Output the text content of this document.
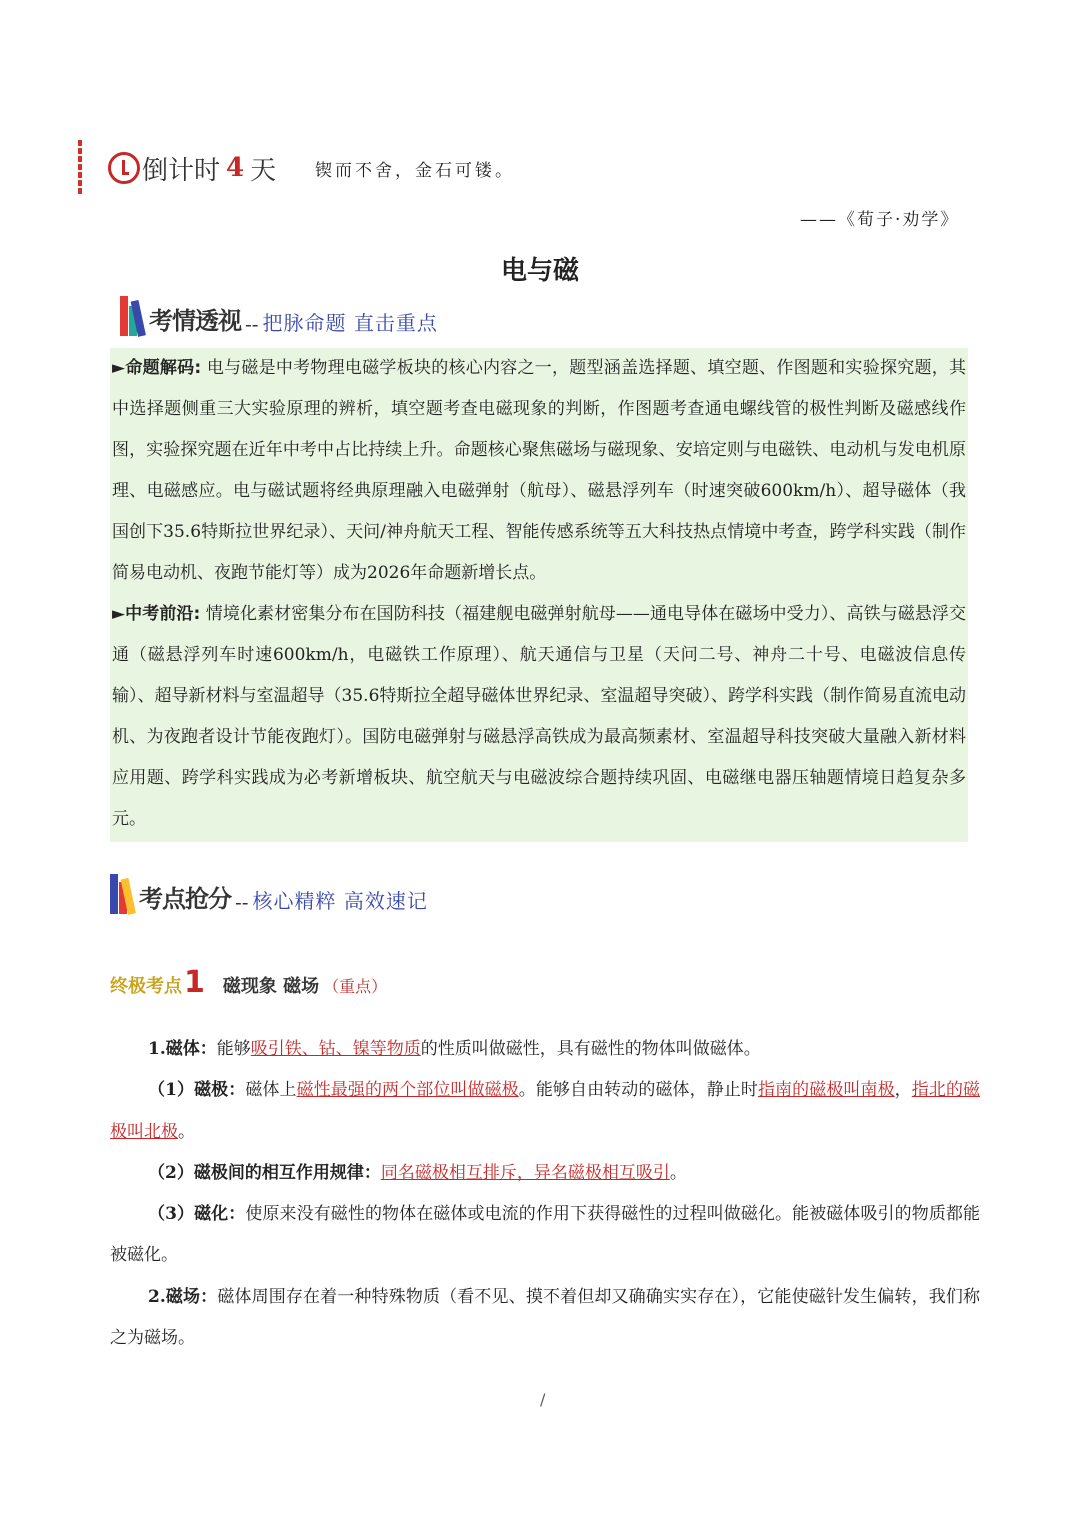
倒计时 4 天 锲而不舍，金石可镂。
——《荀子·劝学》
电与磁
考情透视 -- 把脉命题 直击重点

►命题解码: 电与磁是中考物理电磁学板块的核心内容之一，题型涵盖选择题、填空题、作图题和实验探究题，其中选择题侧重三大实验原理的辨析，填空题考查电磁现象的判断，作图题考查通电螺线管的极性判断及磁感线作图，实验探究题在近年中考中占比持续上升。命题核心聚焦磁场与磁现象、安培定则与电磁铁、电动机与发电机原理、电磁感应。电与磁试题将经典原理融入电磁弹射（航母）、磁悬浮列车（时速突破600km/h）、超导磁体（我国创下35.6特斯拉世界纪录）、天问/神舟航天工程、智能传感系统等五大科技热点情境中考查，跨学科实践（制作简易电动机、夜跑节能灯等）成为2026年命题新增长点。

►中考前沿: 情境化素材密集分布在国防科技（福建舰电磁弹射航母——通电导体在磁场中受力）、高铁与磁悬浮交通（磁悬浮列车时速600km/h，电磁铁工作原理）、航天通信与卫星（天问二号、神舟二十号、电磁波信息传输）、超导新材料与室温超导（35.6特斯拉全超导磁体世界纪录、室温超导突破）、跨学科实践（制作简易直流电动机、为夜跑者设计节能夜跑灯）。国防电磁弹射与磁悬浮高铁成为最高频素材、室温超导科技突破大量融入新材料应用题、跨学科实践成为必考新增板块、航空航天与电磁波综合题持续巩固、电磁继电器压轴题情境日趋复杂多元。

考点抢分 -- 核心精粹 高效速记
终极考点 1 磁现象 磁场 （重点）

1.磁体：能够吸引铁、钴、镍等物质的性质叫做磁性，具有磁性的物体叫做磁体。

（1）磁极：磁体上磁性最强的两个部位叫做磁极。能够自由转动的磁体，静止时指南的磁极叫南极，指北的磁极叫北极。

（2）磁极间的相互作用规律：同名磁极相互排斥，异名磁极相互吸引。

（3）磁化：使原来没有磁性的物体在磁体或电流的作用下获得磁性的过程叫做磁化。能被磁体吸引的物质都能被磁化。

2.磁场：磁体周围存在着一种特殊物质（看不见、摸不着但却又确确实实存在），它能使磁针发生偏转，我们称之为磁场。

/
